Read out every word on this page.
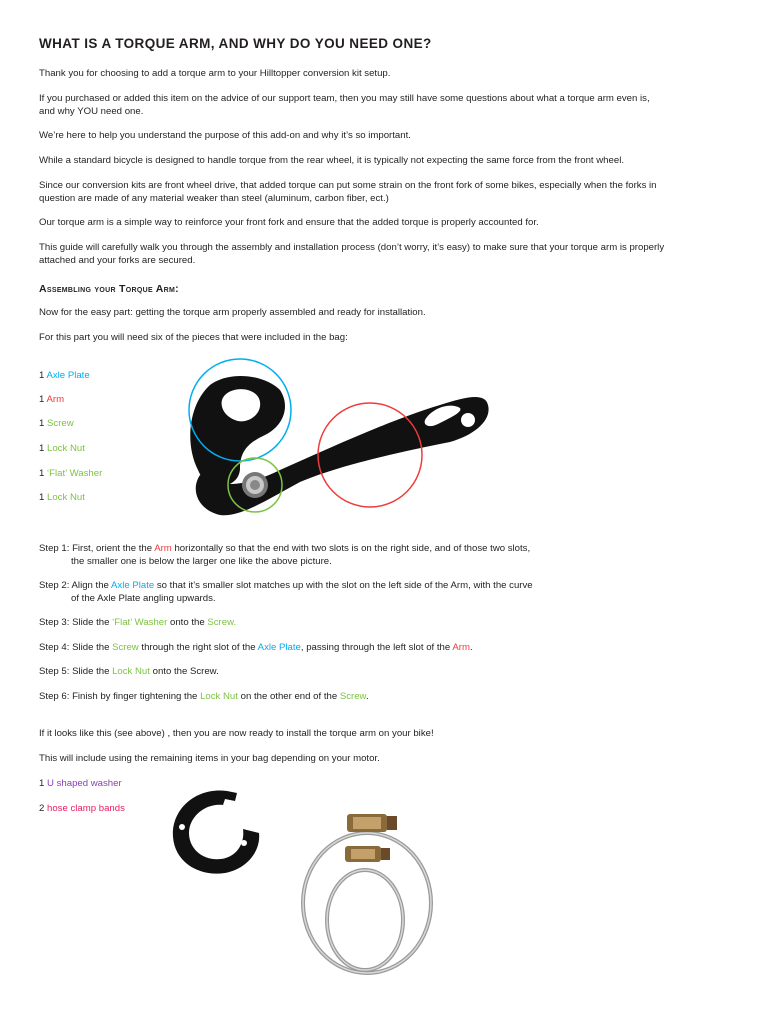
WHAT IS A TORQUE ARM, AND WHY DO YOU NEED ONE?

Thank you for choosing to add a torque arm to your Hilltopper conversion kit setup.

If you purchased or added this item on the advice of our support team, then you may still have some questions about what a torque arm even is, and why YOU need one.

We’re here to help you understand the purpose of this add-on and why it’s so important.

While a standard bicycle is designed to handle torque from the rear wheel, it is typically not expecting the same force from the front wheel.

Since our conversion kits are front wheel drive, that added torque can put some strain on the front fork of some bikes, especially when the forks in question are made of any material weaker than steel (aluminum, carbon fiber, ect.)

Our torque arm is a simple way to reinforce your front fork and ensure that the added torque is properly accounted for.

This guide will carefully walk you through the assembly and installation process (don’t worry, it’s easy) to make sure that your torque arm is properly attached and your forks are secured.

Assembling your Torque Arm:

Now for the easy part: getting the torque arm properly assembled and ready for installation.

For this part you will need six of the pieces that were included in the bag:

1 Axle Plate
1 Arm
1 Screw
1 Lock Nut
1 ‘Flat’ Washer
1 Lock Nut
Step 1: First, orient the the Arm horizontally so that the end with two slots is on the right side, and of those two slots,
the smaller one is below the larger one like the above picture.
Step 2: Align the Axle Plate so that it’s smaller slot matches up with the slot on the left side of the Arm, with the curve
of the Axle Plate angling upwards.
Step 3: Slide the ‘Flat’ Washer onto the Screw.
Step 4: Slide the Screw through the right slot of the Axle Plate, passing through the left slot of the Arm.
Step 5: Slide the Lock Nut onto the Screw.
Step 6: Finish by finger tightening the Lock Nut on the other end of the Screw.

If it looks like this (see above) , then you are now ready to install the torque arm on your bike!

This will include using the remaining items in your bag depending on your motor.

1 U shaped washer
2 hose clamp bands
